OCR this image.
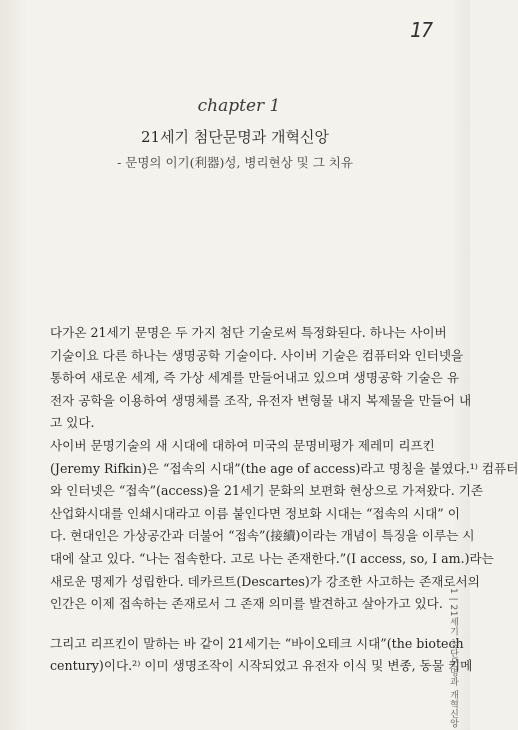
17
chapter 1
21세기 첨단문명과 개혁신앙
- 문명의 이기(利器)성, 병리현상 및 그 치유

다가온 21세기 문명은 두 가지 첨단 기술로써 특정화된다. 하나는 사이버
기술이요 다른 하나는 생명공학 기술이다. 사이버 기술은 컴퓨터와 인터넷을
통하여 새로운 세계, 즉 가상 세계를 만들어내고 있으며 생명공학 기술은 유
전자 공학을 이용하여 생명체를 조작, 유전자 변형물 내지 복제물을 만들어 내
고 있다.

사이버 문명기술의 새 시대에 대하여 미국의 문명비평가 제레미 리프킨
(Jeremy Rifkin)은 “접속의 시대”(the age of access)라고 명칭을 붙였다.¹⁾ 컴퓨터
와 인터넷은 “접속”(access)을 21세기 문화의 보편화 현상으로 가져왔다. 기존
산업화시대를 인쇄시대라고 이름 붙인다면 정보화 시대는 “접속의 시대” 이
다. 현대인은 가상공간과 더불어 “접속”(接續)이라는 개념이 특징을 이루는 시
대에 살고 있다. “나는 접속한다. 고로 나는 존재한다.”(I access, so, I am.)라는
새로운 명제가 성립한다. 데카르트(Descartes)가 강조한 사고하는 존재로서의
인간은 이제 접속하는 존재로서 그 존재 의미를 발견하고 살아가고 있다.

그리고 리프킨이 말하는 바 같이 21세기는 “바이오테크 시대”(the biotech
century)이다.²⁾ 이미 생명조작이 시작되었고 유전자 이식 및 변종, 동물 키메

1 | 21세기 첨단문명과 개혁신앙
